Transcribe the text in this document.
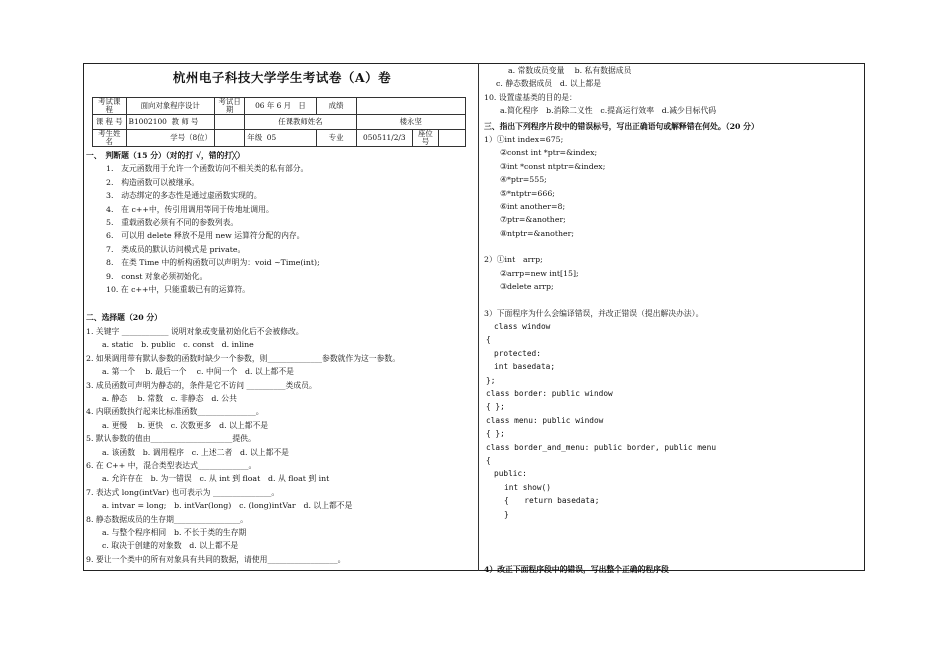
杭州电子科技大学学生考试卷（A）卷
考试课程	面向对象程序设计	考试日期	06 年 6 月　日	成绩			
课 程 号	B1002100 教 师 号		任课教师姓名		楼永坚		
考生姓名	学号（8位）		年级 05	专业	050511/2/3	座位号	
一、　判断题（15 分）（对的打 √，错的打╳）
1.　友元函数用于允许一个函数访问不相关类的私有部分。
2.　构造函数可以被继承。
3.　动态绑定的多态性是通过虚函数实现的。
4.　在 c++中，传引用调用等同于传地址调用。
5.　重载函数必须有不同的参数列表。
6.　可以用 delete 释放不是用 new 运算符分配的内存。
7.　类成员的默认访问模式是 private。
8.　在类 Time 中的析构函数可以声明为：void ~Time(int);
9.　const 对象必须初始化。
10. 在 c++中，只能重载已有的运算符。
二、选择题（20 分）
1. 关键字 ____________ 说明对象或变量初始化后不会被修改。
a. static　b. public　c. const　d. inline
2. 如果调用带有默认参数的函数时缺少一个参数，则______________参数就作为这一参数。
a. 第一个　 b. 最后一个　 c. 中间一个　d. 以上都不是
3. 成员函数可声明为静态的，条件是它不访问 __________类成员。
a. 静态　 b. 常数　c. 非静态　d. 公共
4. 内联函数执行起来比标准函数_______________。
a. 更慢　 b. 更快　c. 次数更多　d. 以上都不是
5. 默认参数的值由_____________________提供。
a. 该函数　b. 调用程序　c. 上述二者　d. 以上都不是
6. 在 C++ 中，混合类型表达式_____________。
a. 允许存在　b. 为一错误　c. 从 int 到 float　d. 从 float 到 int
7. 表达式 long(intVar) 也可表示为 _______________。
a. intvar = long;　b. intVar(long)　c. (long)intVar　d. 以上都不是
8. 静态数据成员的生存期_________________。
a. 与整个程序相同　b. 不长于类的生存期
c. 取决于创建的对象数　d. 以上都不是
9. 要让一个类中的所有对象具有共同的数据，请使用__________________。
a. 常数成员变量　 b. 私有数据成员
c. 静态数据成员　d. 以上都是
10. 设置虚基类的目的是：
a.简化程序　b.消除二义性　c.提高运行效率　d.减少目标代码
三、指出下列程序片段中的错误标号，写出正确语句或解释错在何处。（20 分）
1）①int index=675;
②const int *ptr=&index;
③int *const ntptr=&index;
④*ptr=555;
⑤*ntptr=666;
⑥int another=8;
⑦ptr=&another;
⑧ntptr=&another;
2）①int　arrp;
②arrp=new int[15];
③delete arrp;
3）下面程序为什么会编译错误，并改正错误（提出解决办法）。
class window
{
protected:
int basedata;
};
class border: public window
{ };
class menu: public window
{ };
class border_and_menu: public border, public menu
{
public:
int show()
{　　return basedata;
}
4）改正下面程序段中的错误，写出整个正确的程序段
